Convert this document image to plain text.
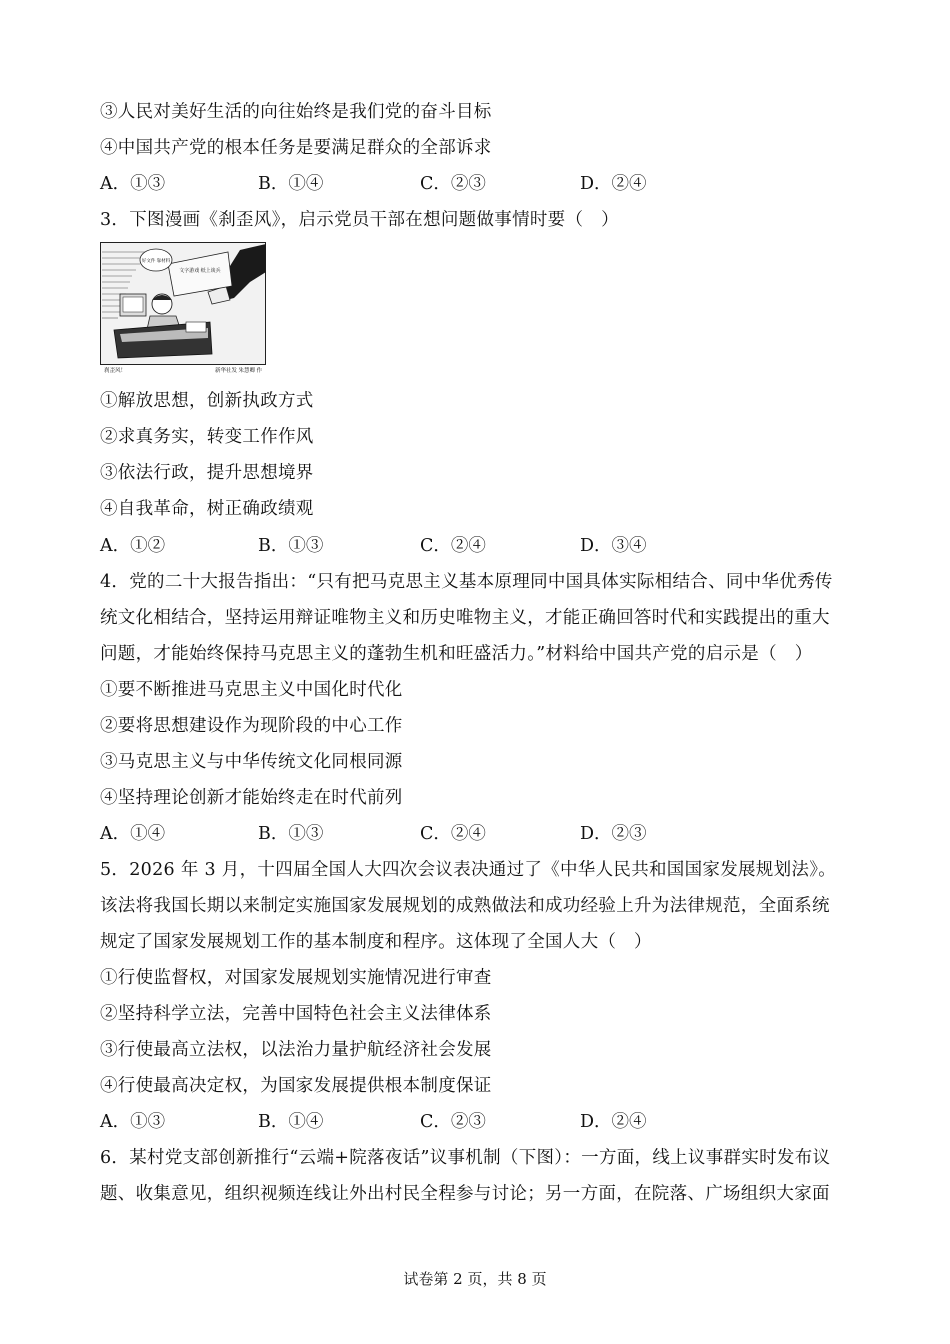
③人民对美好生活的向往始终是我们党的奋斗目标
④中国共产党的根本任务是要满足群众的全部诉求
A．①③	B．①④	C．②③	D．②④
3．下图漫画《刹歪风》，启示党员干部在想问题做事情时要（　）
文字游戏 纸上谈兵
好文件 靠材料
刹歪风！	新华社发 朱慧卿 作
①解放思想，创新执政方式
②求真务实，转变工作作风
③依法行政，提升思想境界
④自我革命，树正确政绩观
A．①②	B．①③	C．②④	D．③④
4．党的二十大报告指出：“只有把马克思主义基本原理同中国具体实际相结合、同中华优秀传
统文化相结合，坚持运用辩证唯物主义和历史唯物主义，才能正确回答时代和实践提出的重大
问题，才能始终保持马克思主义的蓬勃生机和旺盛活力。”材料给中国共产党的启示是（　）
①要不断推进马克思主义中国化时代化
②要将思想建设作为现阶段的中心工作
③马克思主义与中华传统文化同根同源
④坚持理论创新才能始终走在时代前列
A．①④	B．①③	C．②④	D．②③
5．2026 年 3 月，十四届全国人大四次会议表决通过了《中华人民共和国国家发展规划法》。
该法将我国长期以来制定实施国家发展规划的成熟做法和成功经验上升为法律规范，全面系统
规定了国家发展规划工作的基本制度和程序。这体现了全国人大（　）
①行使监督权，对国家发展规划实施情况进行审查
②坚持科学立法，完善中国特色社会主义法律体系
③行使最高立法权，以法治力量护航经济社会发展
④行使最高决定权，为国家发展提供根本制度保证
A．①③	B．①④	C．②③	D．②④
6．某村党支部创新推行“云端+院落夜话”议事机制（下图）：一方面，线上议事群实时发布议
题、收集意见，组织视频连线让外出村民全程参与讨论；另一方面，在院落、广场组织大家面
试卷第 2 页，共 8 页
